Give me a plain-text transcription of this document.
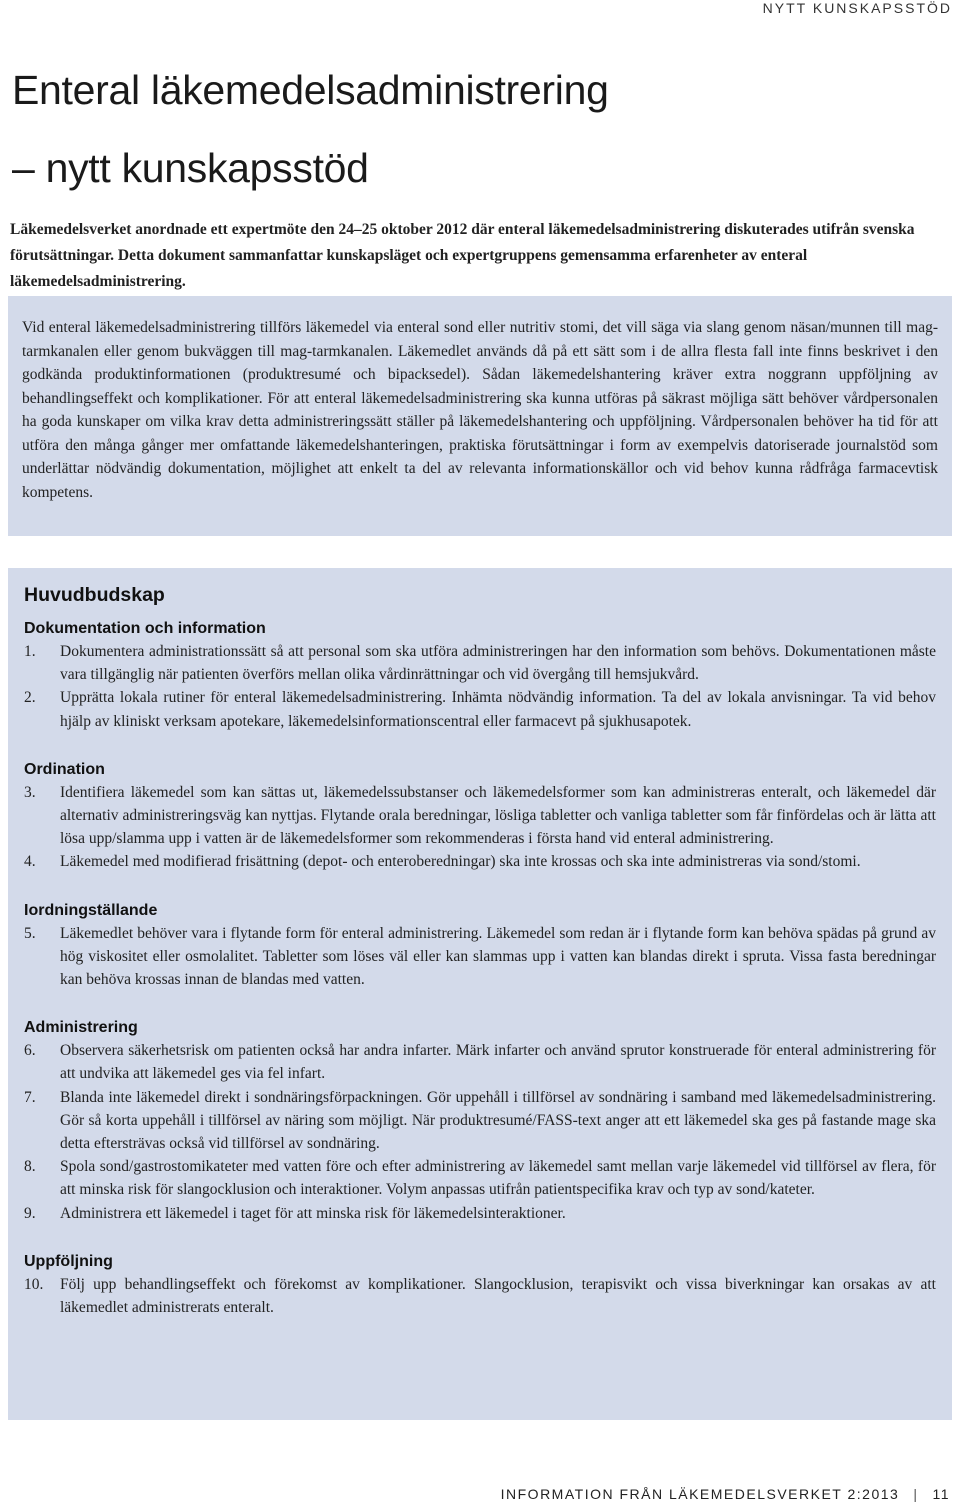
NYTT KUNSKAPSSTÖD
Enteral läkemedelsadministrering
– nytt kunskapsstöd
Läkemedelsverket anordnade ett expertmöte den 24–25 oktober 2012 där enteral läkemedelsadministrering diskuterades utifrån svenska förutsättningar. Detta dokument sammanfattar kunskapsläget och expertgruppens gemensamma erfarenheter av enteral läkemedelsadministrering.

Vid enteral läkemedelsadministrering tillförs läkemedel via enteral sond eller nutritiv stomi, det vill säga via slang genom näsan/munnen till mag-tarmkanalen eller genom bukväggen till mag-tarmkanalen. Läkemedlet används då på ett sätt som i de allra flesta fall inte finns beskrivet i den godkända produktinformationen (produktresumé och bipacksedel). Sådan läkemedelshantering kräver extra noggrann uppföljning av behandlingseffekt och komplikationer. För att enteral läkemedelsadministrering ska kunna utföras på säkrast möjliga sätt behöver vårdpersonalen ha goda kunskaper om vilka krav detta administreringssätt ställer på läkemedelshantering och uppföljning. Vårdpersonalen behöver ha tid för att utföra den många gånger mer omfattande läkemedelshanteringen, praktiska förutsättningar i form av exempelvis datoriserade journalstöd som underlättar nödvändig dokumentation, möjlighet att enkelt ta del av relevanta informationskällor och vid behov kunna rådfråga farmacevtisk kompetens.

Huvudbudskap
Dokumentation och information
1.	Dokumentera administrationssätt så att personal som ska utföra administreringen har den information som behövs. Dokumentationen måste vara tillgänglig när patienten överförs mellan olika vårdinrättningar och vid övergång till hemsjukvård.
2.	Upprätta lokala rutiner för enteral läkemedelsadministrering. Inhämta nödvändig information. Ta del av lokala anvisningar. Ta vid behov hjälp av kliniskt verksam apotekare, läkemedelsinformationscentral eller farmacevt på sjukhusapotek.
Ordination
3.	Identifiera läkemedel som kan sättas ut, läkemedelssubstanser och läkemedelsformer som kan administreras enteralt, och läkemedel där alternativ administreringsväg kan nyttjas. Flytande orala beredningar, lösliga tabletter och vanliga tabletter som får finfördelas och är lätta att lösa upp/slamma upp i vatten är de läkemedelsformer som rekommenderas i första hand vid enteral administrering.
4.	Läkemedel med modifierad frisättning (depot- och enteroberedningar) ska inte krossas och ska inte administreras via sond/stomi.
Iordningställande
5.	Läkemedlet behöver vara i flytande form för enteral administrering. Läkemedel som redan är i flytande form kan behöva spädas på grund av hög viskositet eller osmolalitet. Tabletter som löses väl eller kan slammas upp i vatten kan blandas direkt i spruta. Vissa fasta beredningar kan behöva krossas innan de blandas med vatten.
Administrering
6.	Observera säkerhetsrisk om patienten också har andra infarter. Märk infarter och använd sprutor konstruerade för enteral administrering för att undvika att läkemedel ges via fel infart.
7.	Blanda inte läkemedel direkt i sondnäringsförpackningen. Gör uppehåll i tillförsel av sondnäring i samband med läkemedelsadministrering. Gör så korta uppehåll i tillförsel av näring som möjligt. När produktresumé/FASS-text anger att ett läkemedel ska ges på fastande mage ska detta eftersträvas också vid tillförsel av sondnäring.
8.	Spola sond/gastrostomikateter med vatten före och efter administrering av läkemedel samt mellan varje läkemedel vid tillförsel av flera, för att minska risk för slangocklusion och interaktioner. Volym anpassas utifrån patientspecifika krav och typ av sond/kateter.
9.	Administrera ett läkemedel i taget för att minska risk för läkemedelsinteraktioner.
Uppföljning
10.	Följ upp behandlingseffekt och förekomst av komplikationer. Slangocklusion, terapisvikt och vissa biverkningar kan orsakas av att läkemedlet administrerats enteralt.
INFORMATION FRÅN LÄKEMEDELSVERKET 2:2013 | 11
